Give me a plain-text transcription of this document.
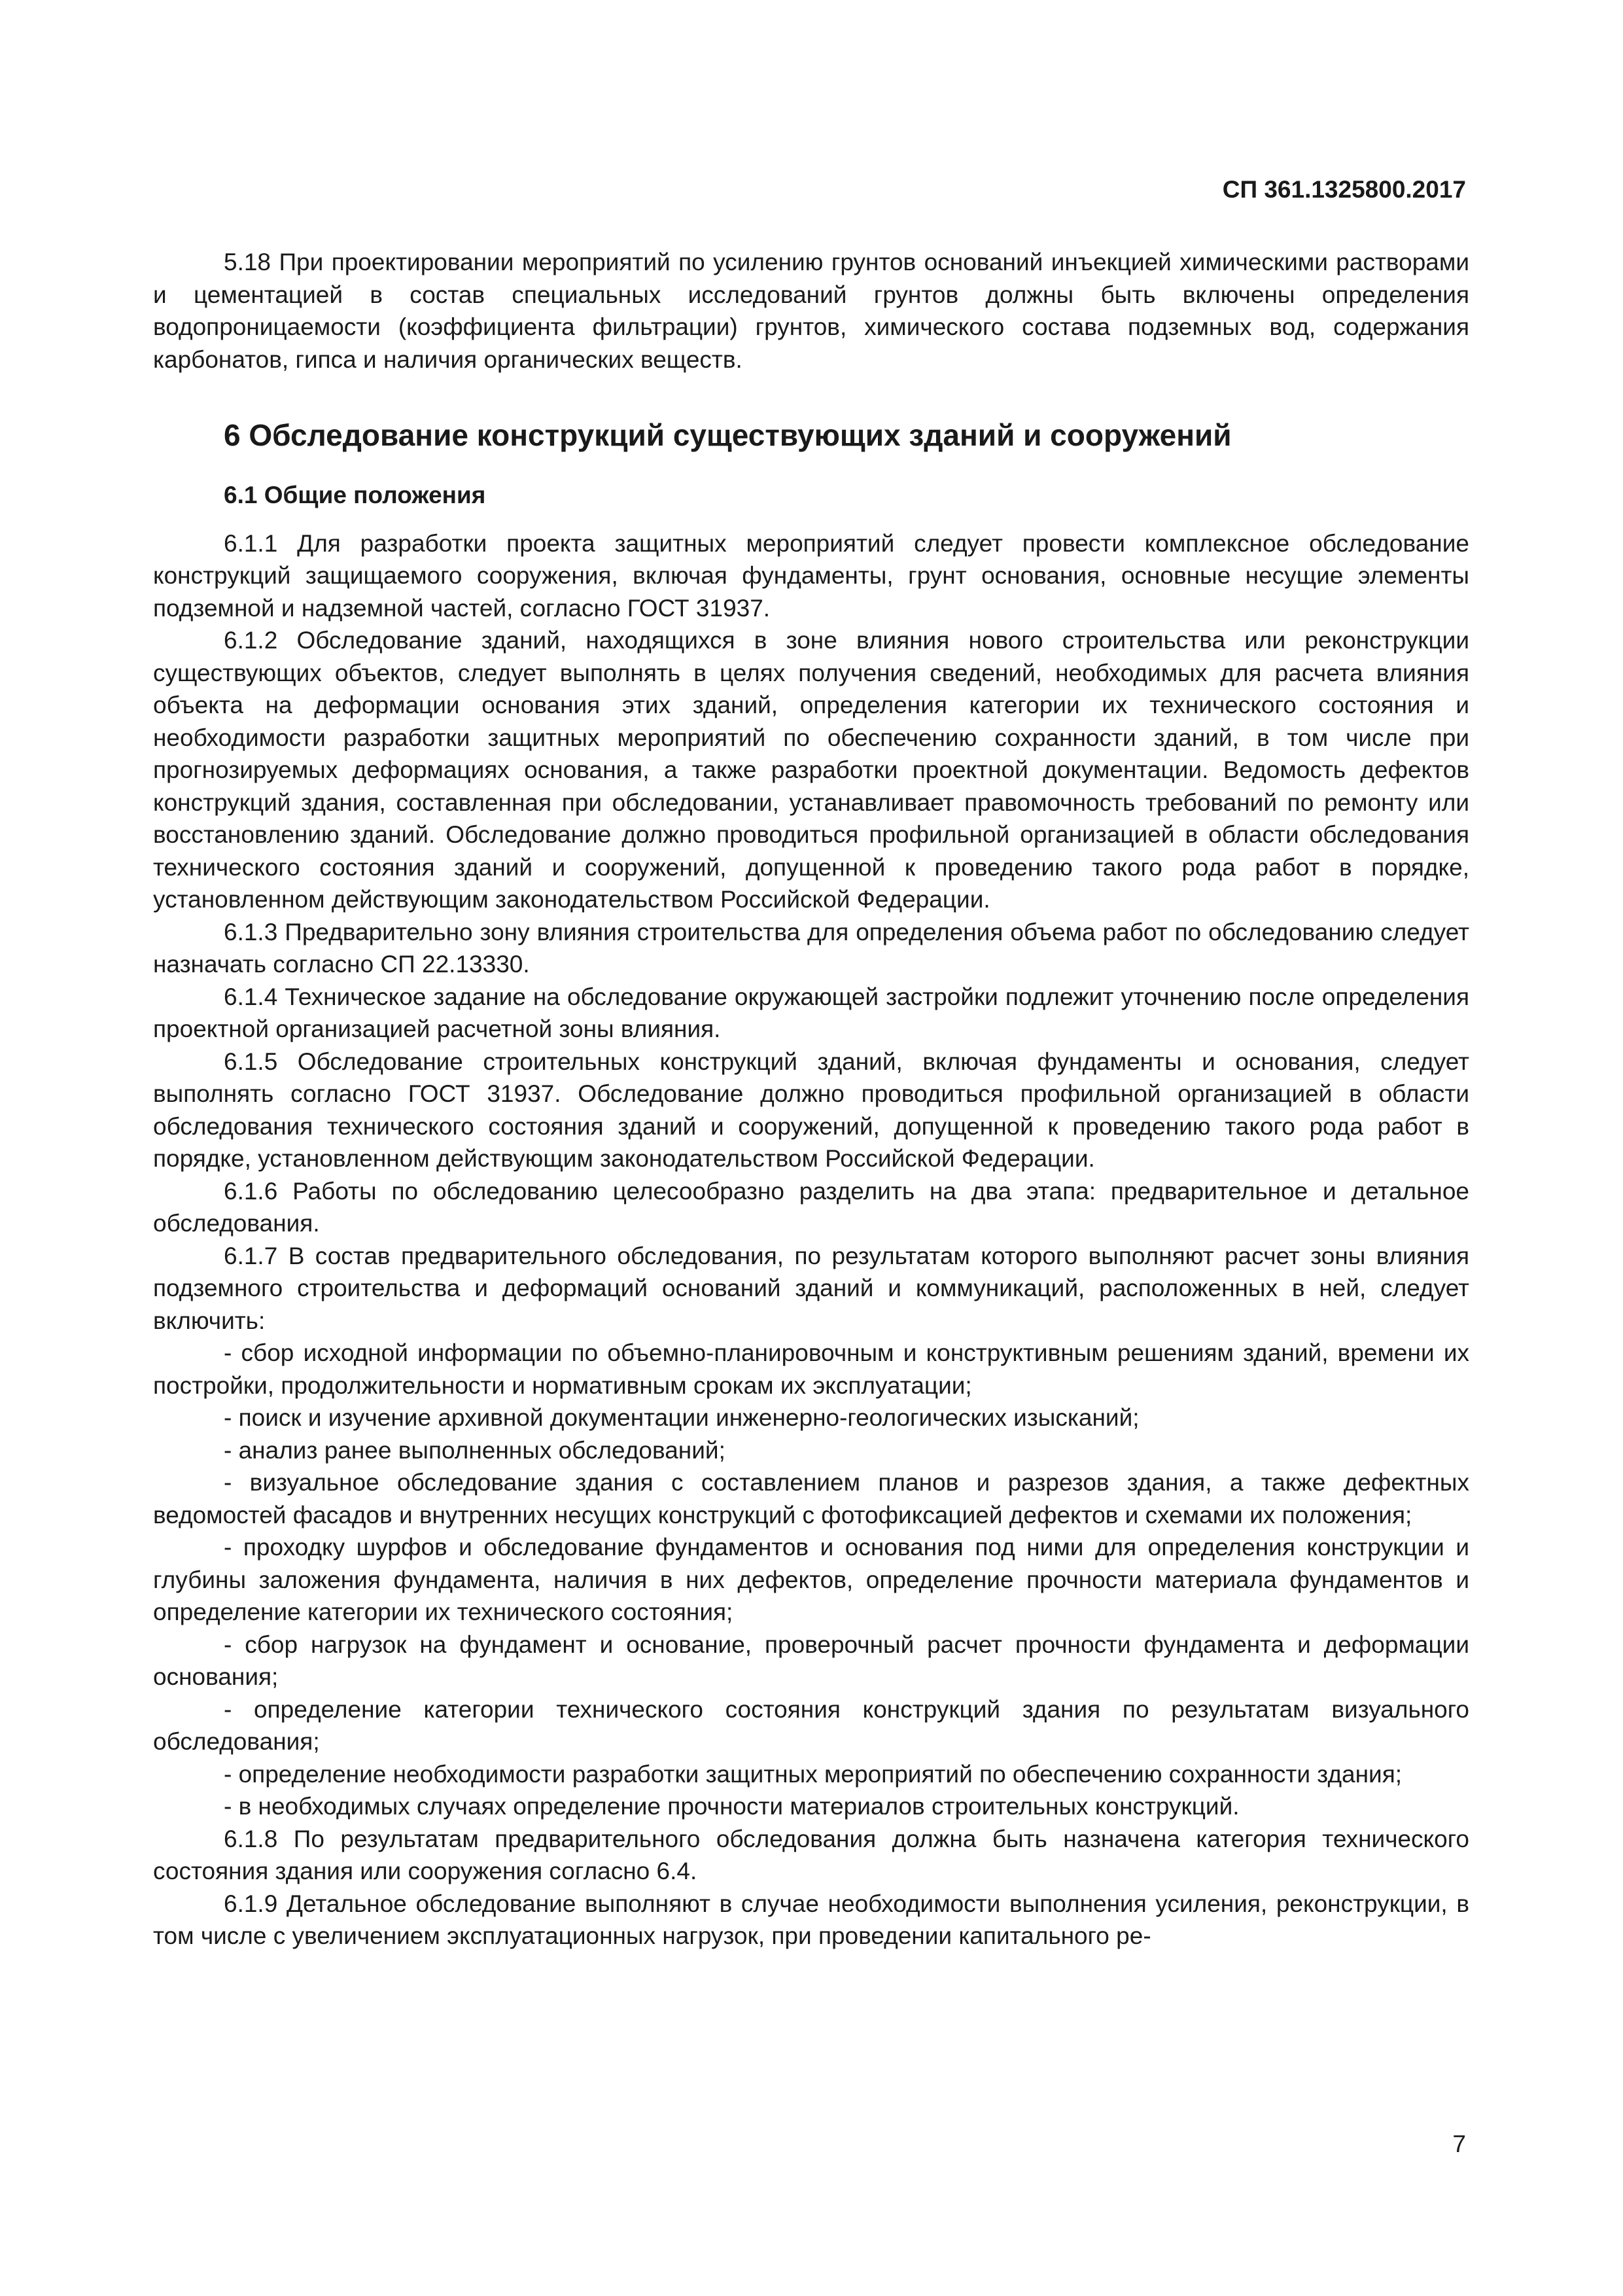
СП 361.1325800.2017

5.18 При проектировании мероприятий по усилению грунтов оснований инъекцией химическими растворами и цементацией в состав специальных исследований грунтов должны быть включены определения водопроницаемости (коэффициента фильтрации) грунтов, химического состава подземных вод, содержания карбонатов, гипса и наличия органических веществ.

6 Обследование конструкций существующих зданий и сооружений
6.1 Общие положения

6.1.1 Для разработки проекта защитных мероприятий следует провести комплексное обследование конструкций защищаемого сооружения, включая фундаменты, грунт основания, основные несущие элементы подземной и надземной частей, согласно ГОСТ 31937.

6.1.2 Обследование зданий, находящихся в зоне влияния нового строительства или реконструкции существующих объектов, следует выполнять в целях получения сведений, необходимых для расчета влияния объекта на деформации основания этих зданий, определения категории их технического состояния и необходимости разработки защитных мероприятий по обеспечению сохранности зданий, в том числе при прогнозируемых деформациях основания, а также разработки проектной документации. Ведомость дефектов конструкций здания, составленная при обследовании, устанавливает правомочность требований по ремонту или восстановлению зданий. Обследование должно проводиться профильной организацией в области обследования технического состояния зданий и сооружений, допущенной к проведению такого рода работ в порядке, установленном действующим законодательством Российской Федерации.

6.1.3 Предварительно зону влияния строительства для определения объема работ по обследованию следует назначать согласно СП 22.13330.

6.1.4 Техническое задание на обследование окружающей застройки подлежит уточнению после определения проектной организацией расчетной зоны влияния.

6.1.5 Обследование строительных конструкций зданий, включая фундаменты и основания, следует выполнять согласно ГОСТ 31937. Обследование должно проводиться профильной организацией в области обследования технического состояния зданий и сооружений, допущенной к проведению такого рода работ в порядке, установленном действующим законодательством Российской Федерации.

6.1.6 Работы по обследованию целесообразно разделить на два этапа: предварительное и детальное обследования.

6.1.7 В состав предварительного обследования, по результатам которого выполняют расчет зоны влияния подземного строительства и деформаций оснований зданий и коммуникаций, расположенных в ней, следует включить:

- сбор исходной информации по объемно-планировочным и конструктивным решениям зданий, времени их постройки, продолжительности и нормативным срокам их эксплуатации;

- поиск и изучение архивной документации инженерно-геологических изысканий;

- анализ ранее выполненных обследований;

- визуальное обследование здания с составлением планов и разрезов здания, а также дефектных ведомостей фасадов и внутренних несущих конструкций с фотофиксацией дефектов и схемами их положения;

- проходку шурфов и обследование фундаментов и основания под ними для определения конструкции и глубины заложения фундамента, наличия в них дефектов, определение прочности материала фундаментов и определение категории их технического состояния;

- сбор нагрузок на фундамент и основание, проверочный расчет прочности фундамента и деформации основания;

- определение категории технического состояния конструкций здания по результатам визуального обследования;

- определение необходимости разработки защитных мероприятий по обеспечению сохранности здания;

- в необходимых случаях определение прочности материалов строительных конструкций.

6.1.8 По результатам предварительного обследования должна быть назначена категория технического состояния здания или сооружения согласно 6.4.

6.1.9 Детальное обследование выполняют в случае необходимости выполнения усиления, реконструкции, в том числе с увеличением эксплуатационных нагрузок, при проведении капитального ре-

7
